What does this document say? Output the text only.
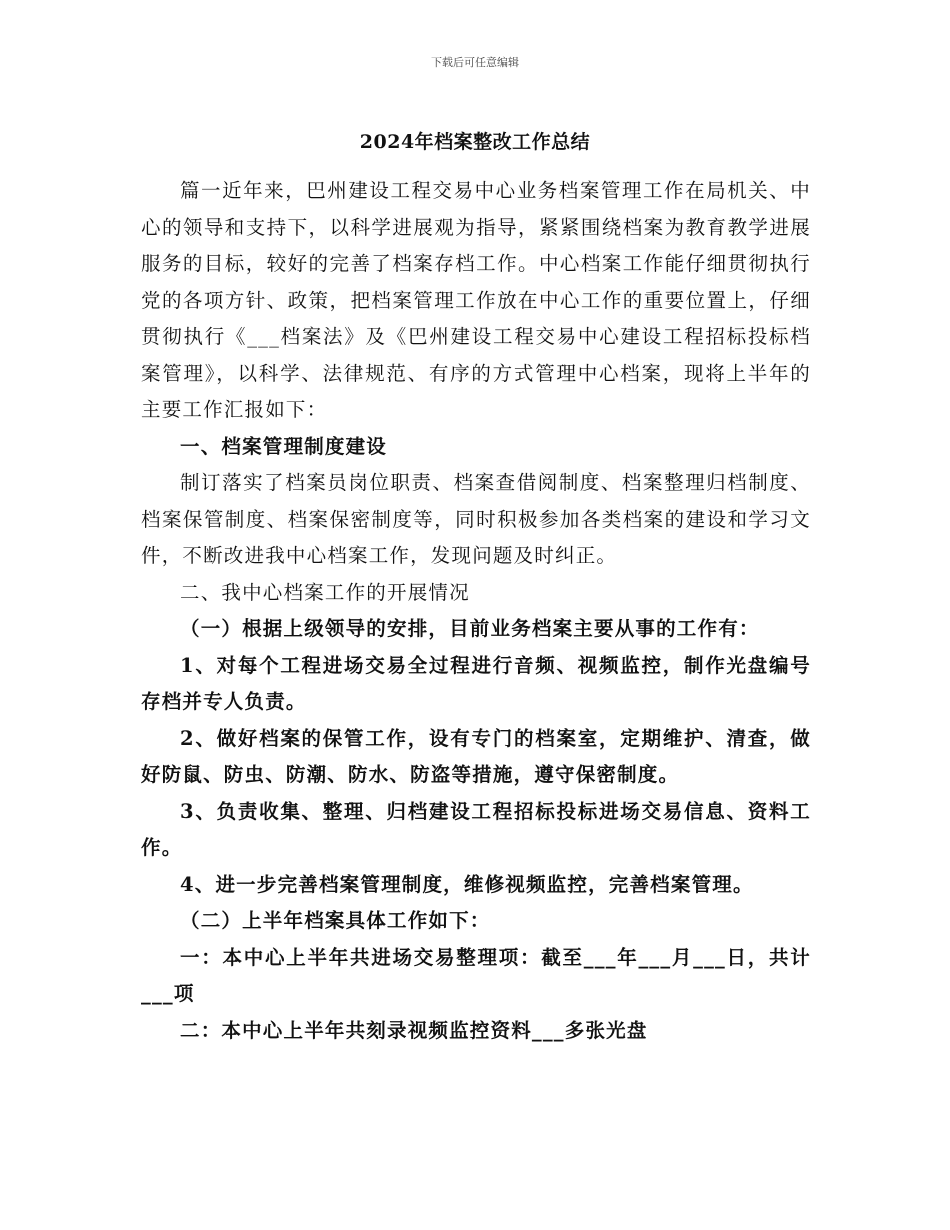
下载后可任意编辑
2024年档案整改工作总结

篇一近年来，巴州建设工程交易中心业务档案管理工作在局机关、中心的领导和支持下，以科学进展观为指导，紧紧围绕档案为教育教学进展服务的目标，较好的完善了档案存档工作。中心档案工作能仔细贯彻执行党的各项方针、政策，把档案管理工作放在中心工作的重要位置上，仔细贯彻执行《___档案法》及《巴州建设工程交易中心建设工程招标投标档案管理》，以科学、法律规范、有序的方式管理中心档案，现将上半年的主要工作汇报如下：

一、档案管理制度建设

制订落实了档案员岗位职责、档案查借阅制度、档案整理归档制度、档案保管制度、档案保密制度等，同时积极参加各类档案的建设和学习文件，不断改进我中心档案工作，发现问题及时纠正。

二、我中心档案工作的开展情况

（一）根据上级领导的安排，目前业务档案主要从事的工作有：

1、对每个工程进场交易全过程进行音频、视频监控，制作光盘编号存档并专人负责。

2、做好档案的保管工作，设有专门的档案室，定期维护、清查，做好防鼠、防虫、防潮、防水、防盗等措施，遵守保密制度。

3、负责收集、整理、归档建设工程招标投标进场交易信息、资料工作。

4、进一步完善档案管理制度，维修视频监控，完善档案管理。

（二）上半年档案具体工作如下：

一：本中心上半年共进场交易整理项：截至___年___月___日，共计___项

二：本中心上半年共刻录视频监控资料___多张光盘
